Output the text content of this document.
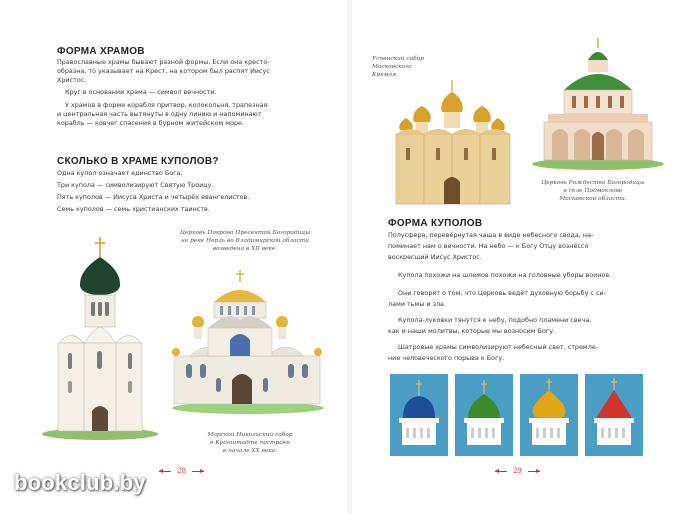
ФОРМА ХРАМОВ

Православные храмы бывают разной формы. Если она кресто-

образна, то указывает на Крест, на котором был распят Иисус

Христос.

Круг в основании храма — символ вечности.

У храмов в форме корабля притвор, колокольня, трапезная

и центральная часть вытянуты в одну линию и напоминают

корабль — ковчег спасения в бурном житейском море.

СКОЛЬКО В ХРАМЕ КУПОЛОВ?

Одна купол означает единство Бога.

Три купола — символизируют Святую Троицу.

Пять куполов — Иисуса Христа и четырёх евангелистов.

Семь куполов — семь христианских таинств.

Церковь Покрова Пресвятой Богородицы

на реке Нерль во Владимирской области

возведена в XII веке.

Морской Никольский собор

в Кронштадте построен

в начале XX века.

28

Успенский собор

Московского

Кремля.

Церковь Рождества Богородицы

в селе Подмоклово

Московской области.

ФОРМА КУПОЛОВ

Полусфера, перевёрнутая чаша в виде небесного свода, на-

поминает нам о вечности. На небо — к Богу Отцу вознёсся

воскресший Иисус Христос.

Купола похожи на шлемов похожи на головные уборы воинов.

Они говорят о том, что Церковь ведёт духовную борьбу с си-

лами тьмы и зла.

Купола-луковки тянутся к небу, подобно пламени свеча,

как и наши молитвы, которые мы возносим Богу.

Шатровые храмы символизируют небесный свет, стремле-

ние человеческого порыва к Богу.

29
bookclub.by
